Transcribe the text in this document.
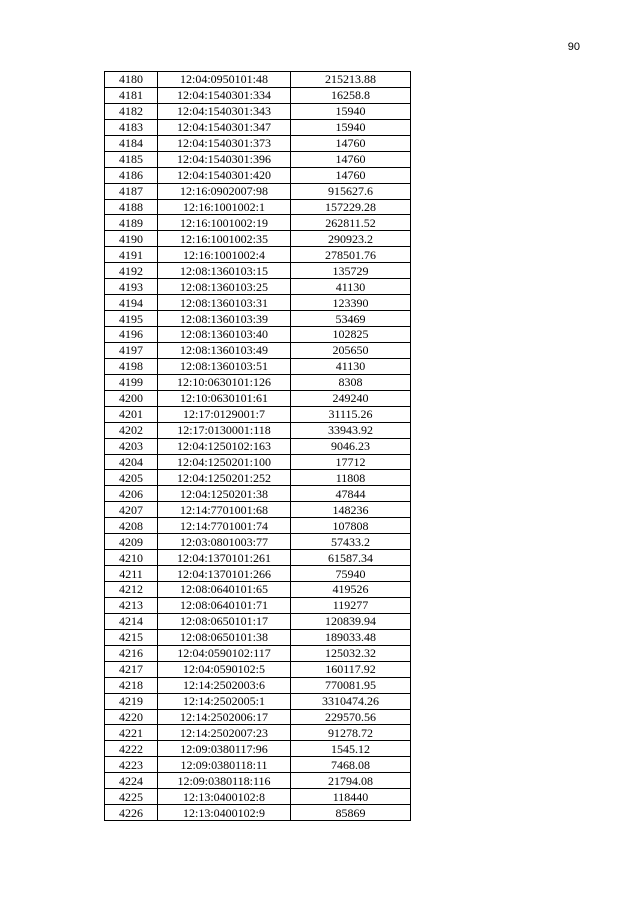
90
4180	12:04:0950101:48	215213.88
4181	12:04:1540301:334	16258.8
4182	12:04:1540301:343	15940
4183	12:04:1540301:347	15940
4184	12:04:1540301:373	14760
4185	12:04:1540301:396	14760
4186	12:04:1540301:420	14760
4187	12:16:0902007:98	915627.6
4188	12:16:1001002:1	157229.28
4189	12:16:1001002:19	262811.52
4190	12:16:1001002:35	290923.2
4191	12:16:1001002:4	278501.76
4192	12:08:1360103:15	135729
4193	12:08:1360103:25	41130
4194	12:08:1360103:31	123390
4195	12:08:1360103:39	53469
4196	12:08:1360103:40	102825
4197	12:08:1360103:49	205650
4198	12:08:1360103:51	41130
4199	12:10:0630101:126	8308
4200	12:10:0630101:61	249240
4201	12:17:0129001:7	31115.26
4202	12:17:0130001:118	33943.92
4203	12:04:1250102:163	9046.23
4204	12:04:1250201:100	17712
4205	12:04:1250201:252	11808
4206	12:04:1250201:38	47844
4207	12:14:7701001:68	148236
4208	12:14:7701001:74	107808
4209	12:03:0801003:77	57433.2
4210	12:04:1370101:261	61587.34
4211	12:04:1370101:266	75940
4212	12:08:0640101:65	419526
4213	12:08:0640101:71	119277
4214	12:08:0650101:17	120839.94
4215	12:08:0650101:38	189033.48
4216	12:04:0590102:117	125032.32
4217	12:04:0590102:5	160117.92
4218	12:14:2502003:6	770081.95
4219	12:14:2502005:1	3310474.26
4220	12:14:2502006:17	229570.56
4221	12:14:2502007:23	91278.72
4222	12:09:0380117:96	1545.12
4223	12:09:0380118:11	7468.08
4224	12:09:0380118:116	21794.08
4225	12:13:0400102:8	118440
4226	12:13:0400102:9	85869
